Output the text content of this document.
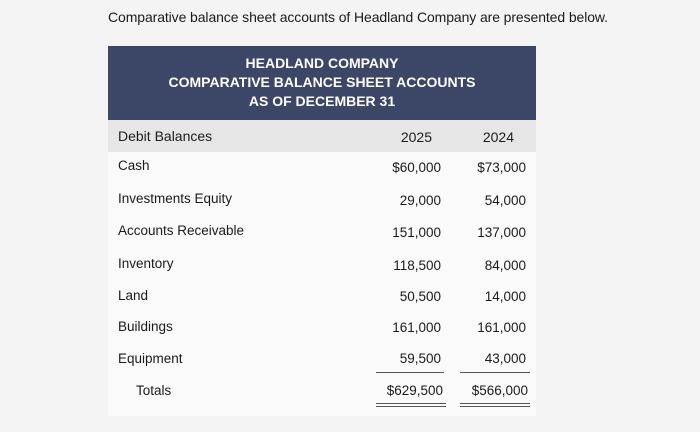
Comparative balance sheet accounts of Headland Company are presented below.
HEADLAND COMPANY
COMPARATIVE BALANCE SHEET ACCOUNTS
AS OF DECEMBER 31
Debit Balances	2025	2024
Cash	$60,000	$73,000
Investments Equity	29,000	54,000
Accounts Receivable	151,000	137,000
Inventory	118,500	84,000
Land	50,500	14,000
Buildings	161,000	161,000
Equipment	59,500	43,000
Totals	$629,500 $566,000
